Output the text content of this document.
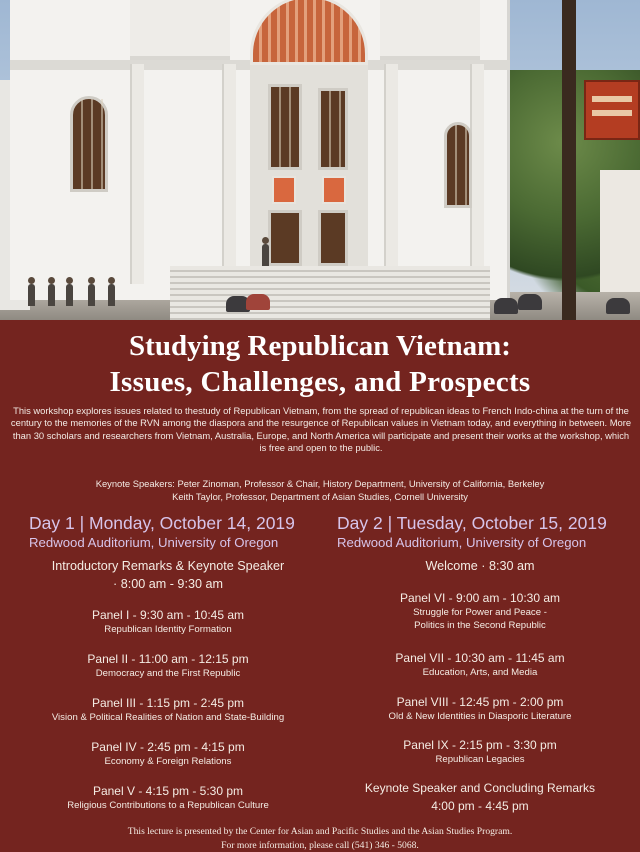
Studying Republican Vietnam:
Issues, Challenges, and Prospects

This workshop explores issues related to thestudy of Republican Vietnam, from the spread of republican ideas to French Indo-china at the turn of the century to the memories of the RVN among the diaspora and the resurgence of Republican values in Vietnam today, and everything in between. More than 30 scholars and researchers from Vietnam, Australia, Europe, and North America will participate and present their works at the workshop, which is free and open to the public.

Keynote Speakers: Peter Zinoman, Professor & Chair, History Department, University of California, Berkeley
Keith Taylor, Professor, Department of Asian Studies, Cornell University
Day 1 | Monday, October 14, 2019
Redwood Auditorium, University of Oregon
Day 2 | Tuesday, October 15, 2019
Redwood Auditorium, University of Oregon
Introductory Remarks & Keynote Speaker
· 8:00 am - 9:30 am
Panel I - 9:30 am - 10:45 am
Republican Identity Formation
Panel II - 11:00 am - 12:15 pm
Democracy and the First Republic
Panel III - 1:15 pm - 2:45 pm
Vision & Political Realities of Nation and State-Building
Panel IV - 2:45 pm - 4:15 pm
Economy & Foreign Relations
Panel V - 4:15 pm - 5:30 pm
Religious Contributions to a Republican Culture
Welcome · 8:30 am
Panel VI - 9:00 am - 10:30 am
Struggle for Power and Peace -
Politics in the Second Republic
Panel VII - 10:30 am - 11:45 am
Education, Arts, and Media
Panel VIII - 12:45 pm - 2:00 pm
Old & New Identities in Diasporic Literature
Panel IX - 2:15 pm - 3:30 pm
Republican Legacies
Keynote Speaker and Concluding Remarks
4:00 pm - 4:45 pm
This lecture is presented by the Center for Asian and Pacific Studies and the Asian Studies Program.
For more information, please call (541) 346 - 5068.
